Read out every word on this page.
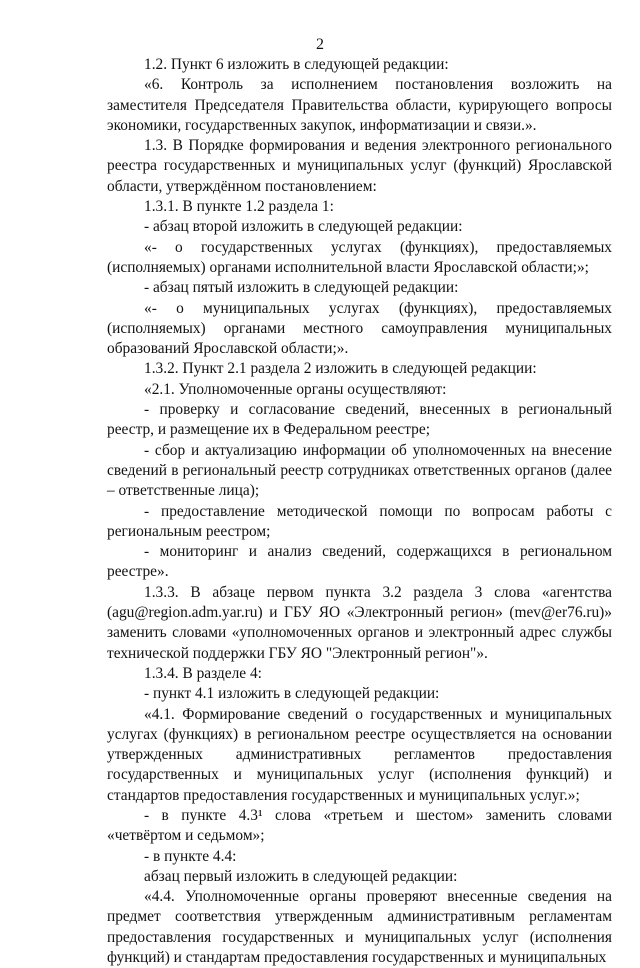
2

1.2. Пункт 6 изложить в следующей редакции:

«6. Контроль за исполнением постановления возложить на заместителя Председателя Правительства области, курирующего вопросы экономики, государственных закупок, информатизации и связи.».

1.3. В Порядке формирования и ведения электронного регионального реестра государственных и муниципальных услуг (функций) Ярославской области, утверждённом постановлением:

1.3.1. В пункте 1.2 раздела 1:

- абзац второй изложить в следующей редакции:

«- о государственных услугах (функциях), предоставляемых (исполняемых) органами исполнительной власти Ярославской области;»;

- абзац пятый изложить в следующей редакции:

«- о муниципальных услугах (функциях), предоставляемых (исполняемых) органами местного самоуправления муниципальных образований Ярославской области;».

1.3.2. Пункт 2.1 раздела 2 изложить в следующей редакции:

«2.1. Уполномоченные органы осуществляют:

- проверку и согласование сведений, внесенных в региональный реестр, и размещение их в Федеральном реестре;

- сбор и актуализацию информации об уполномоченных на внесение сведений в региональный реестр сотрудниках ответственных органов (далее – ответственные лица);

- предоставление методической помощи по вопросам работы с региональным реестром;

- мониторинг и анализ сведений, содержащихся в региональном реестре».

1.3.3. В абзаце первом пункта 3.2 раздела 3 слова «агентства (agu@region.adm.yar.ru) и ГБУ ЯО «Электронный регион» (mev@er76.ru)» заменить словами «уполномоченных органов и электронный адрес службы технической поддержки ГБУ ЯО "Электронный регион"».

1.3.4. В разделе 4:

- пункт 4.1 изложить в следующей редакции:

«4.1. Формирование сведений о государственных и муниципальных услугах (функциях) в региональном реестре осуществляется на основании утвержденных административных регламентов предоставления государственных и муниципальных услуг (исполнения функций) и стандартов предоставления государственных и муниципальных услуг.»;

- в пункте 4.3¹ слова «третьем и шестом» заменить словами «четвёртом и седьмом»;

- в пункте 4.4:

абзац первый изложить в следующей редакции:

«4.4. Уполномоченные органы проверяют внесенные сведения на предмет соответствия утвержденным административным регламентам предоставления государственных и муниципальных услуг (исполнения функций) и стандартам предоставления государственных и муниципальных
